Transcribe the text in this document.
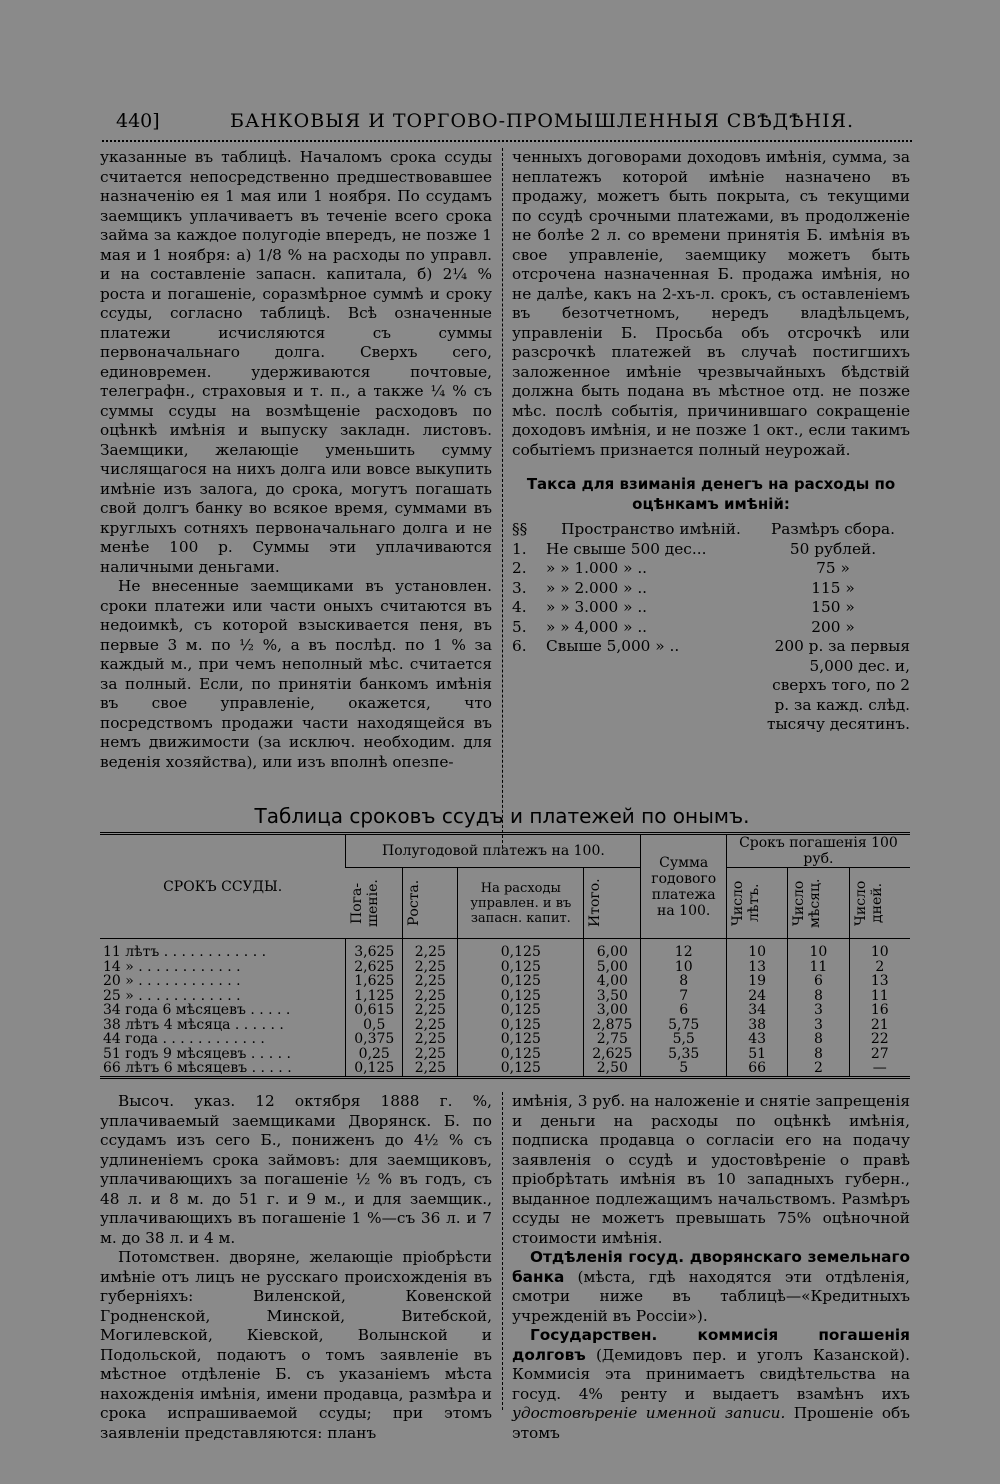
440]	БАНКОВЫЯ И ТОРГОВО-ПРОМЫШЛЕННЫЯ СВѢДѢНІЯ.

указанные въ таблицѣ. Началомъ срока ссуды считается непосредственно предшествовавшее назначенію ея 1 мая или 1 ноября. По ссудамъ заемщикъ уплачиваетъ въ теченіе всего срока займа за каждое полугодіе впередъ, не позже 1 мая и 1 ноября: а) 1/8 % на расходы по управл. и на составленіе запасн. капитала, б) 2¼ % роста и погашеніе, соразмѣрное суммѣ и сроку ссуды, согласно таблицѣ. Всѣ означенные платежи исчисляются съ суммы первоначальнаго долга. Сверхъ сего, единовремен. удерживаются почтовые, телеграфн., страховыя и т. п., а также ¼ % съ суммы ссуды на возмѣщеніе расходовъ по оцѣнкѣ имѣнія и выпуску закладн. листовъ. Заемщики, желающіе уменьшить сумму числящагося на нихъ долга или вовсе выкупить имѣніе изъ залога, до срока, могутъ погашать свой долгъ банку во всякое время, суммами въ круглыхъ сотняхъ первоначальнаго долга и не менѣе 100 р. Суммы эти уплачиваются наличными деньгами.

Не внесенные заемщиками въ установлен. сроки платежи или части оныхъ считаются въ недоимкѣ, съ которой взыскивается пеня, въ первые 3 м. по ½ %, а въ послѣд. по 1 % за каждый м., при чемъ неполный мѣс. считается за полный. Если, по принятіи банкомъ имѣнія въ свое управленіе, окажется, что посредствомъ продажи части находящейся въ немъ движимости (за исключ. необходим. для веденія хозяйства), или изъ вполнѣ опезпе-

ченныхъ договорами доходовъ имѣнія, сумма, за неплатежъ которой имѣніе назначено въ продажу, можетъ быть покрыта, съ текущими по ссудѣ срочными платежами, въ продолженіе не болѣе 2 л. со времени принятія Б. имѣнія въ свое управленіе, заемщику можетъ быть отсрочена назначенная Б. продажа имѣнія, но не далѣе, какъ на 2-хъ-л. срокъ, съ оставленіемъ въ безотчетномъ, нередъ владѣльцемъ, управленіи Б. Просьба объ отсрочкѣ или разсрочкѣ платежей въ случаѣ постигшихъ заложенное имѣніе чрезвычайныхъ бѣдствій должна быть подана въ мѣстное отд. не позже мѣс. послѣ событія, причинившаго сокращеніе доходовъ имѣнія, и не позже 1 окт., если такимъ событіемъ признается полный неурожай.

Такса для взиманія денегъ на расходы по оцѣнкамъ имѣній:
§§	Пространство имѣній.	Размѣръ сбора.
1.	Не свыше 500 дес...	50 рублей.
2.	» » 1.000 » ..	75 »
3.	» » 2.000 » ..	115 »
4.	» » 3.000 » ..	150 »
5.	» » 4,000 » ..	200 »
6.	Свыше 5,000 » ..	200 р. за первыя 5,000 дес. и, сверхъ того, по 2 р. за кажд. слѣд. тысячу десятинъ.
Таблица сроковъ ссудъ и платежей по онымъ.
СРОКЪ ССУДЫ.	Полугодовой платежъ на 100.				Сумма годового платежа на 100.	Срокъ погашенія 100 руб.		

	Пога-шеніе.	Роста.	На расходы управлен. и въ запасн. капит.	Итого.		Число лѣтъ.	Число мѣсяц.	Число дней.

11 лѣтъ . . . . . . . . . . . .	3,625	2,25	0,125	6,00	12	10	10	10
14 » . . . . . . . . . . . .	2,625	2,25	0,125	5,00	10	13	11	2
20 » . . . . . . . . . . . .	1,625	2,25	0,125	4,00	8	19	6	13
25 » . . . . . . . . . . . .	1,125	2,25	0,125	3,50	7	24	8	11
34 года 6 мѣсяцевъ . . . . .	0,615	2,25	0,125	3,00	6	34	3	16
38 лѣтъ 4 мѣсяца . . . . . .	0,5	2,25	0,125	2,875	5,75	38	3	21
44 года . . . . . . . . . . . .	0,375	2,25	0,125	2,75	5,5	43	8	22
51 годъ 9 мѣсяцевъ . . . . .	0,25	2,25	0,125	2,625	5,35	51	8	27
66 лѣтъ 6 мѣсяцевъ . . . . .	0,125	2,25	0,125	2,50	5	66	2	—

Высоч. указ. 12 октября 1888 г. %, уплачиваемый заемщиками Дворянск. Б. по ссудамъ изъ сего Б., пониженъ до 4½ % съ удлиненіемъ срока займовъ: для заемщиковъ, уплачивающихъ за погашеніе ½ % въ годъ, съ 48 л. и 8 м. до 51 г. и 9 м., и для заемщик., уплачивающихъ въ погашеніе 1 %—съ 36 л. и 7 м. до 38 л. и 4 м.

Потомствен. дворяне, желающіе пріобрѣсти имѣніе отъ лицъ не русскаго происхожденія въ губерніяхъ: Виленской, Ковенской Гродненской, Минской, Витебской, Могилевской, Кіевской, Волынской и Подольской, подаютъ о томъ заявленіе въ мѣстное отдѣленіе Б. съ указаніемъ мѣста нахожденія имѣнія, имени продавца, размѣра и срока испрашиваемой ссуды; при этомъ заявленіи представляются: планъ

имѣнія, 3 руб. на наложеніе и снятіе запрещенія и деньги на расходы по оцѣнкѣ имѣнія, подписка продавца о согласіи его на подачу заявленія о ссудѣ и удостовѣреніе о правѣ пріобрѣтать имѣнія въ 10 западныхъ губерн., выданное подлежащимъ начальствомъ. Размѣръ ссуды не можетъ превышать 75% оцѣночной стоимости имѣнія.

Отдѣленія госуд. дворянскаго земельнаго банка (мѣста, гдѣ находятся эти отдѣленія, смотри ниже въ таблицѣ—«Кредитныхъ учрежденій въ Россіи»).

Государствен. коммисія погашенія долговъ (Демидовъ пер. и уголъ Казанской). Коммисія эта принимаетъ свидѣтельства на госуд. 4% ренту и выдаетъ взамѣнъ ихъ удостовѣреніе именной записи. Прошеніе объ этомъ
